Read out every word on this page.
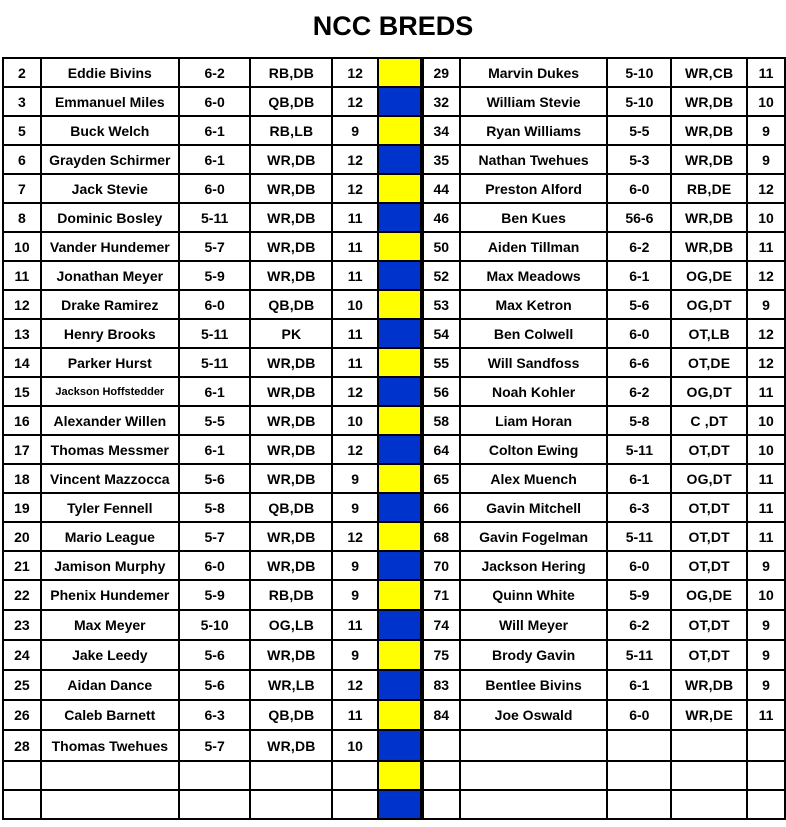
NCC BREDS
2	Eddie Bivins	6-2	RB,DB	12		29	Marvin Dukes	5-10	WR,CB	11
3	Emmanuel Miles	6-0	QB,DB	12		32	William Stevie	5-10	WR,DB	10
5	Buck Welch	6-1	RB,LB	9		34	Ryan Williams	5-5	WR,DB	9
6	Grayden Schirmer	6-1	WR,DB	12		35	Nathan Twehues	5-3	WR,DB	9
7	Jack Stevie	6-0	WR,DB	12		44	Preston Alford	6-0	RB,DE	12
8	Dominic Bosley	5-11	WR,DB	11		46	Ben Kues	56-6	WR,DB	10
10	Vander Hundemer	5-7	WR,DB	11		50	Aiden Tillman	6-2	WR,DB	11
11	Jonathan Meyer	5-9	WR,DB	11		52	Max Meadows	6-1	OG,DE	12
12	Drake Ramirez	6-0	QB,DB	10		53	Max Ketron	5-6	OG,DT	9
13	Henry Brooks	5-11	PK	11		54	Ben Colwell	6-0	OT,LB	12
14	Parker Hurst	5-11	WR,DB	11		55	Will Sandfoss	6-6	OT,DE	12
15	Jackson Hoffstedder	6-1	WR,DB	12		56	Noah Kohler	6-2	OG,DT	11
16	Alexander Willen	5-5	WR,DB	10		58	Liam Horan	5-8	C ,DT	10
17	Thomas Messmer	6-1	WR,DB	12		64	Colton Ewing	5-11	OT,DT	10
18	Vincent Mazzocca	5-6	WR,DB	9		65	Alex Muench	6-1	OG,DT	11
19	Tyler Fennell	5-8	QB,DB	9		66	Gavin Mitchell	6-3	OT,DT	11
20	Mario League	5-7	WR,DB	12		68	Gavin Fogelman	5-11	OT,DT	11
21	Jamison Murphy	6-0	WR,DB	9		70	Jackson Hering	6-0	OT,DT	9
22	Phenix Hundemer	5-9	RB,DB	9		71	Quinn White	5-9	OG,DE	10
23	Max Meyer	5-10	OG,LB	11		74	Will Meyer	6-2	OT,DT	9
24	Jake Leedy	5-6	WR,DB	9		75	Brody Gavin	5-11	OT,DT	9
25	Aidan Dance	5-6	WR,LB	12		83	Bentlee Bivins	6-1	WR,DB	9
26	Caleb Barnett	6-3	QB,DB	11		84	Joe Oswald	6-0	WR,DE	11
28	Thomas Twehues	5-7	WR,DB	10						
